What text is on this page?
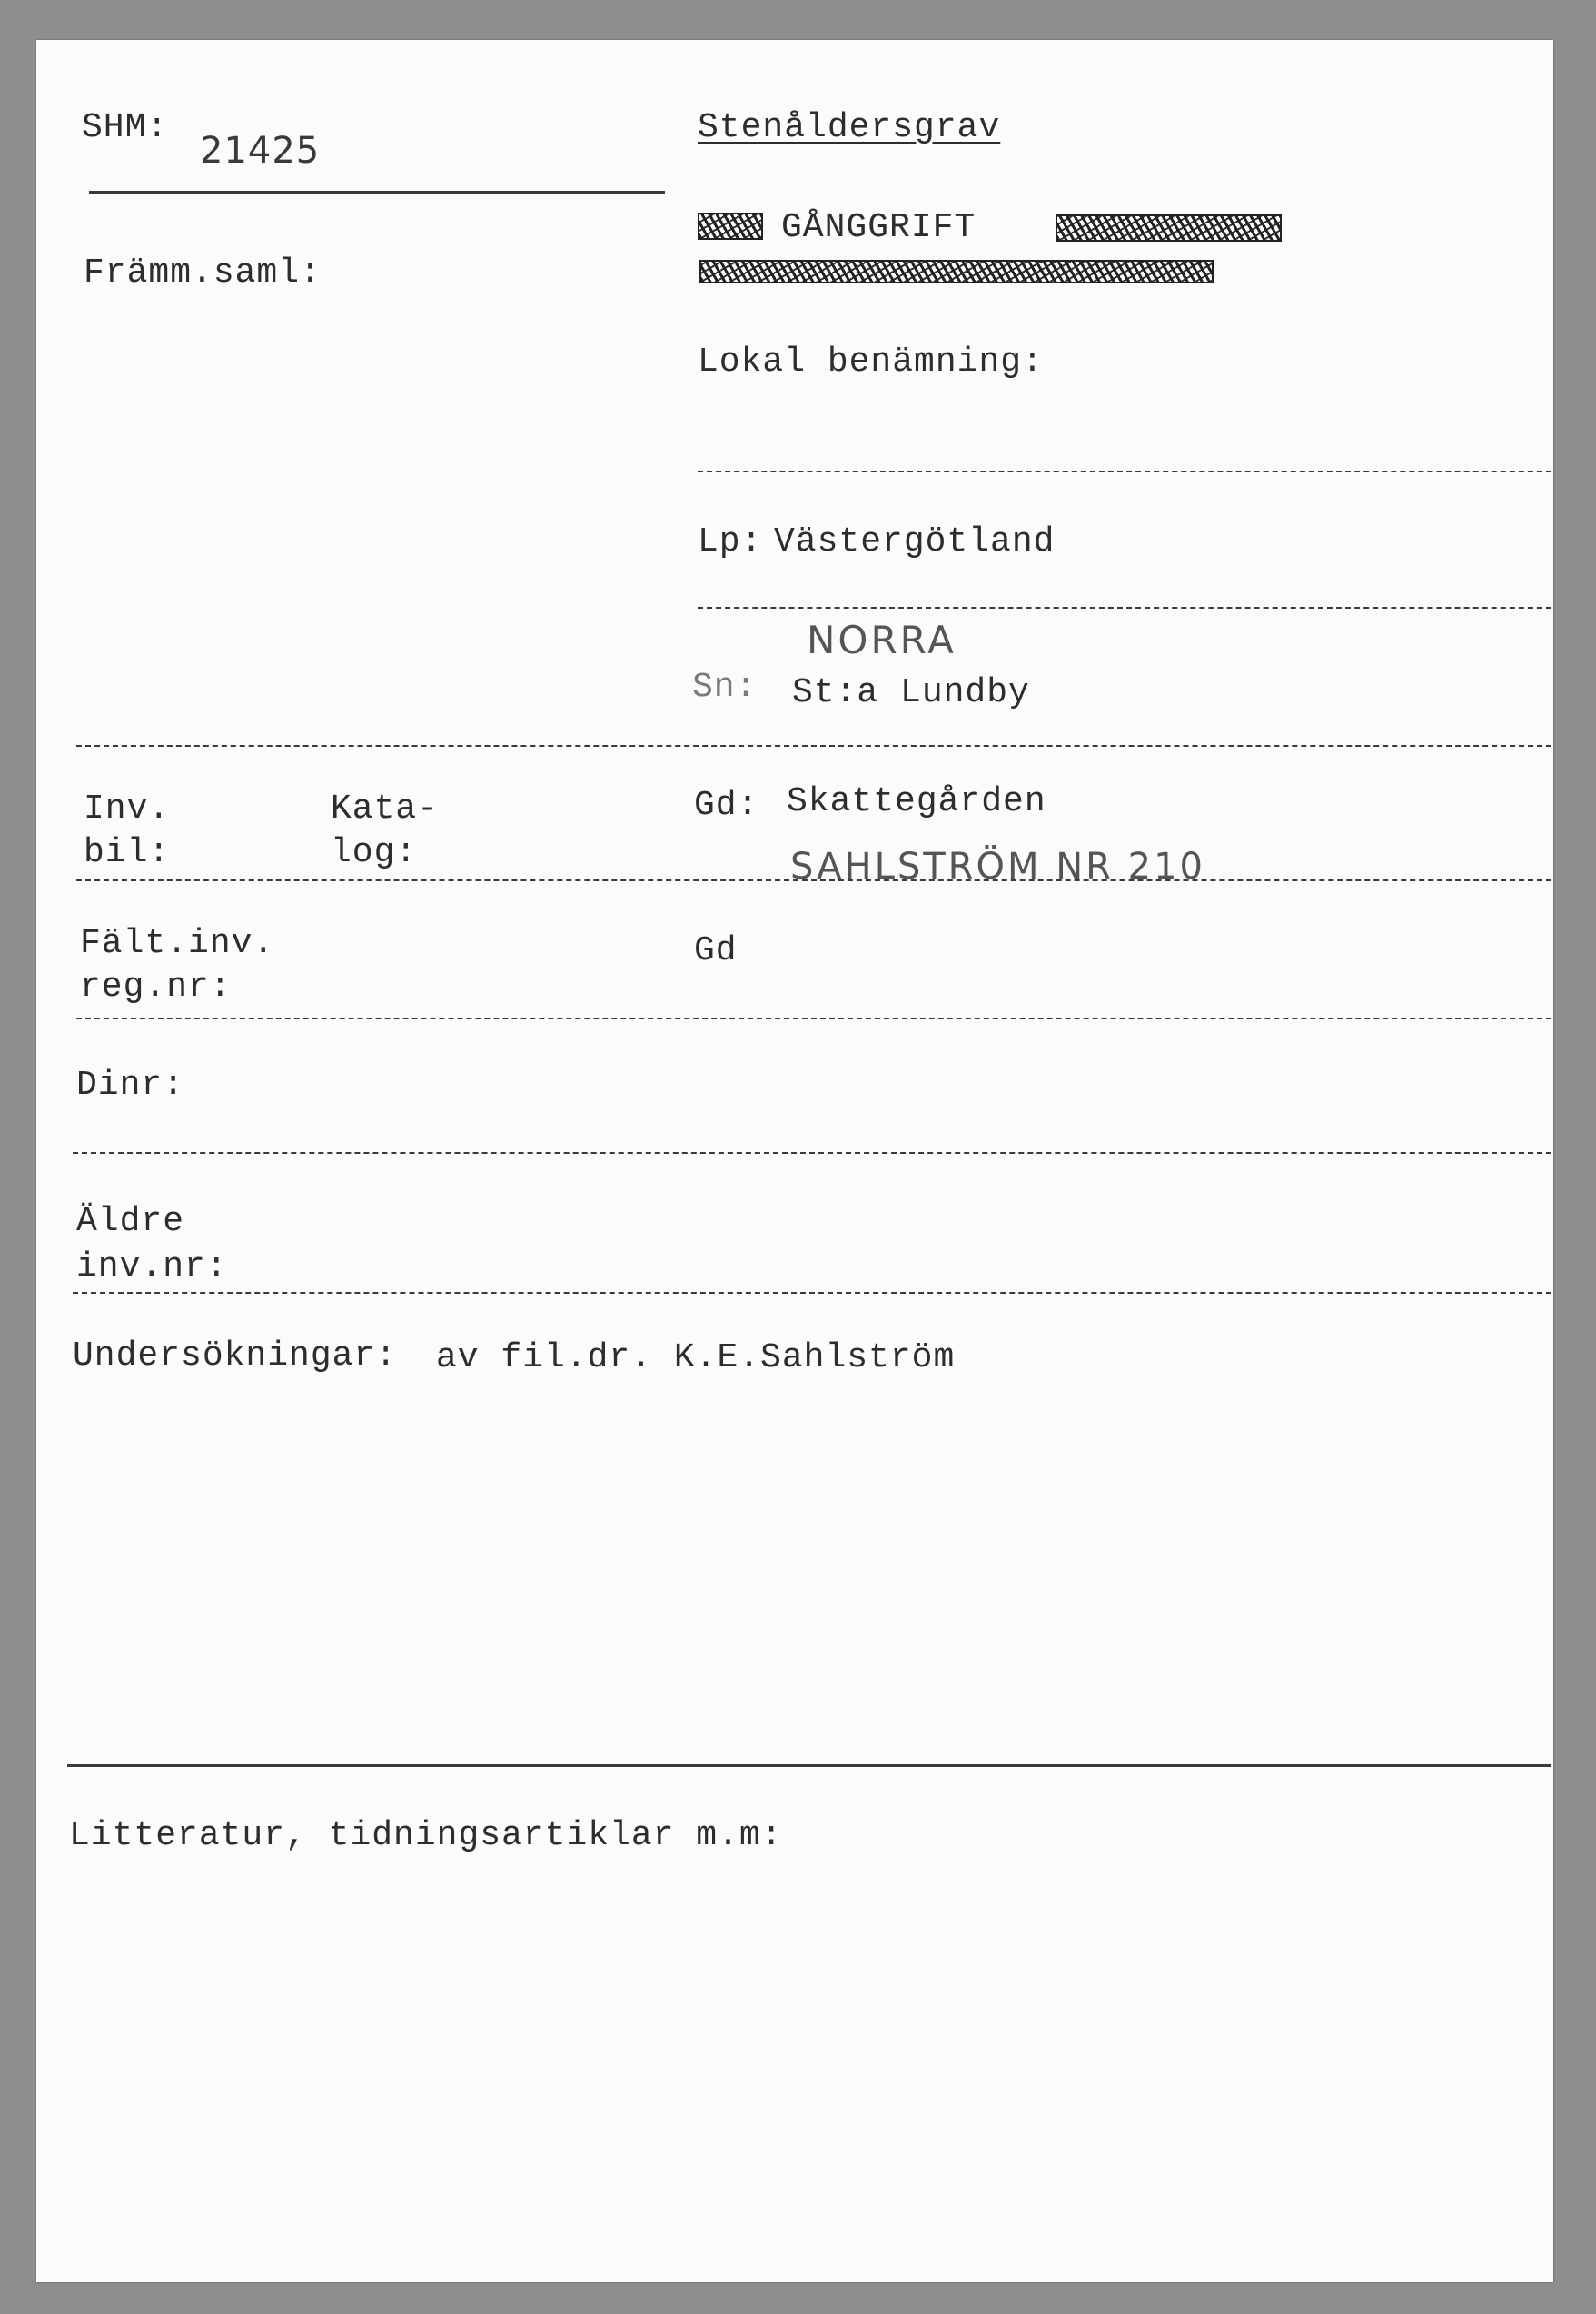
SHM:
21425
Stenåldersgrav
GÅNGGRIFT
Främm.saml:
Lokal benämning:
Lp: Västergötland
NORRA
Sn: St:a Lundby
Inv.
bil:
Kata-
log:
Gd: Skattegården
SAHLSTRÖM NR 210
Fält.inv.
reg.nr:
Gd
Dinr:
Äldre
inv.nr:
Undersökningar: av fil.dr. K.E.Sahlström
Litteratur, tidningsartiklar m.m:
